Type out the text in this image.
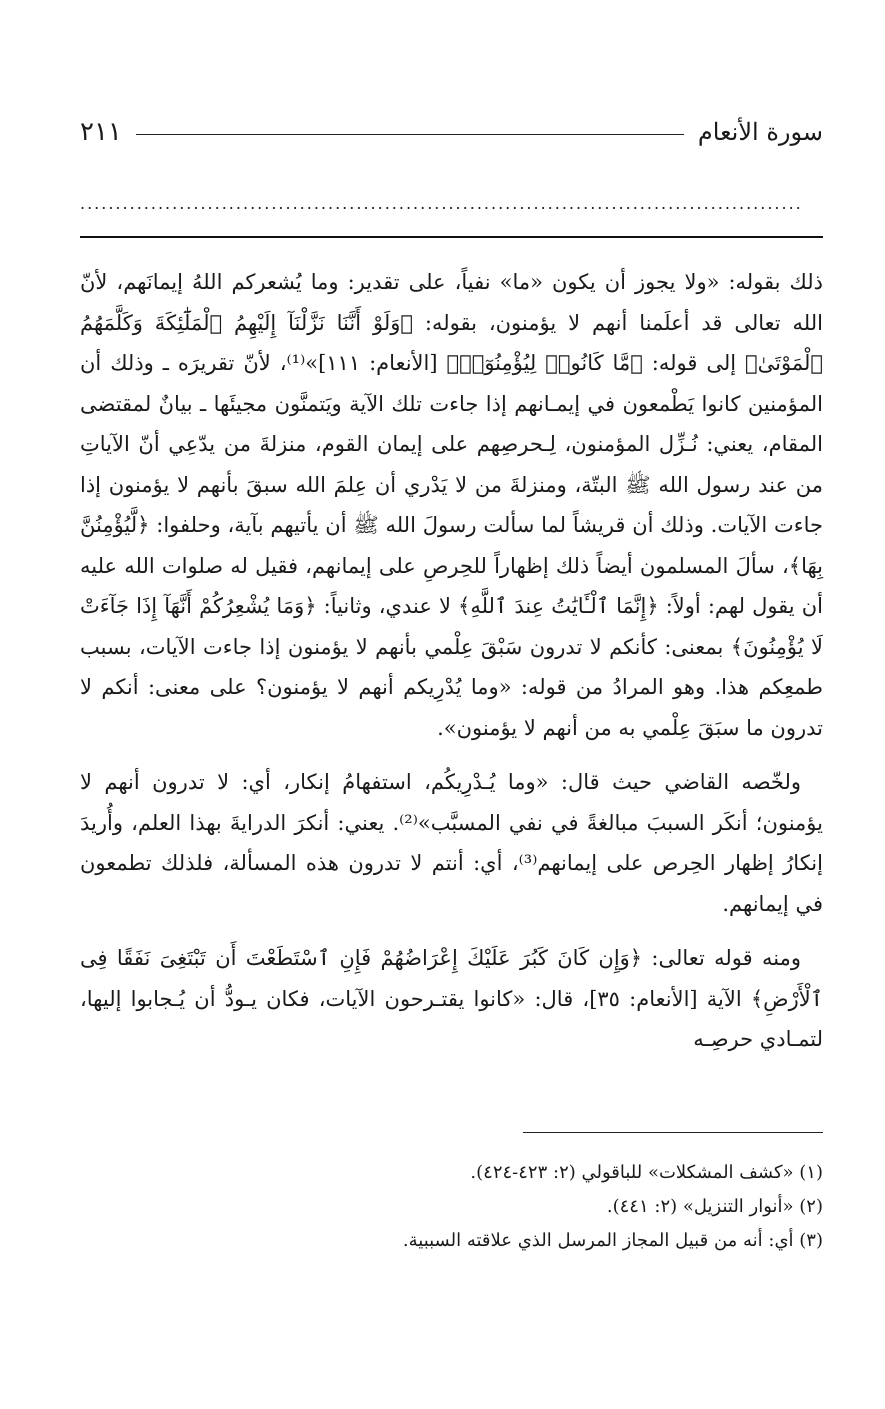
سورة الأنعام
٢١١
......................................................................................................

ذلك بقوله: «ولا يجوز أن يكون «ما» نفياً، على تقدير: وما يُشعركم اللهُ إيمانَهم، لأنّ الله تعالى قد أعلَمنا أنهم لا يؤمنون، بقوله: ﴿وَلَوْ أَنَّنَا نَزَّلْنَآ إِلَيْهِمُ ٱلْمَلَٰٓئِكَةَ وَكَلَّمَهُمُ ٱلْمَوْتَىٰ﴾ إلى قوله: ﴿مَّا كَانُوا۟ لِيُؤْمِنُوٓا۟﴾ [الأنعام: ١١١]»⁽¹⁾، لأنّ تقريرَه ـ وذلك أن المؤمنين كانوا يَطْمعون في إيمـانهم إذا جاءت تلك الآية ويَتمنَّون مجيئَها ـ بيانٌ لمقتضى المقام، يعني: نُـزِّل المؤمنون، لِـحرصِهم على إيمان القوم، منزلةَ من يدّعِي أنّ الآياتِ من عند رسول الله ﷺ البتّة، ومنزلةَ من لا يَدْري أن عِلمَ الله سبقَ بأنهم لا يؤمنون إذا جاءت الآيات. وذلك أن قريشاً لما سألت رسولَ الله ﷺ أن يأتيهم بآية، وحلفوا: ﴿لَّيُؤْمِنُنَّ بِهَا﴾، سألَ المسلمون أيضاً ذلك إظهاراً للحِرصِ على إيمانهم، فقيل له صلوات الله عليه أن يقول لهم: أولاً: ﴿إِنَّمَا ٱلْـَٔايَٰتُ عِندَ ٱللَّهِ﴾ لا عندي، وثانياً: ﴿وَمَا يُشْعِرُكُمْ أَنَّهَآ إِذَا جَآءَتْ لَا يُؤْمِنُونَ﴾ بمعنى: كأنكم لا تدرون سَبْقَ عِلْمي بأنهم لا يؤمنون إذا جاءت الآيات، بسبب طمعِكم هذا. وهو المرادُ من قوله: «وما يُدْرِيكم أنهم لا يؤمنون؟ على معنى: أنكم لا تدرون ما سبَقَ عِلْمي به من أنهم لا يؤمنون».

ولخّصه القاضي حيث قال: «وما يُـدْرِيكُم، استفهامُ إنكار، أي: لا تدرون أنهم لا يؤمنون؛ أنكَر السببَ مبالغةً في نفي المسبَّب»⁽²⁾. يعني: أنكرَ الدرايةَ بهذا العلم، وأُريدَ إنكارُ إظهار الحِرص على إيمانهم⁽³⁾، أي: أنتم لا تدرون هذه المسألة، فلذلك تطمعون في إيمانهم.

ومنه قوله تعالى: ﴿وَإِن كَانَ كَبُرَ عَلَيْكَ إِعْرَاضُهُمْ فَإِنِ ٱسْتَطَعْتَ أَن تَبْتَغِىَ نَفَقًا فِى ٱلْأَرْضِ﴾ الآية [الأنعام: ٣٥]، قال: «كانوا يقتـرحون الآيات، فكان يـودُّ أن يُـجابوا إليها، لتمـادي حرصِـه

(١) «كشف المشكلات» للباقولي (٢: ٤٢٣-٤٢٤).
(٢) «أنوار التنزيل» (٢: ٤٤١).
(٣) أي: أنه من قبيل المجاز المرسل الذي علاقته السببية.
